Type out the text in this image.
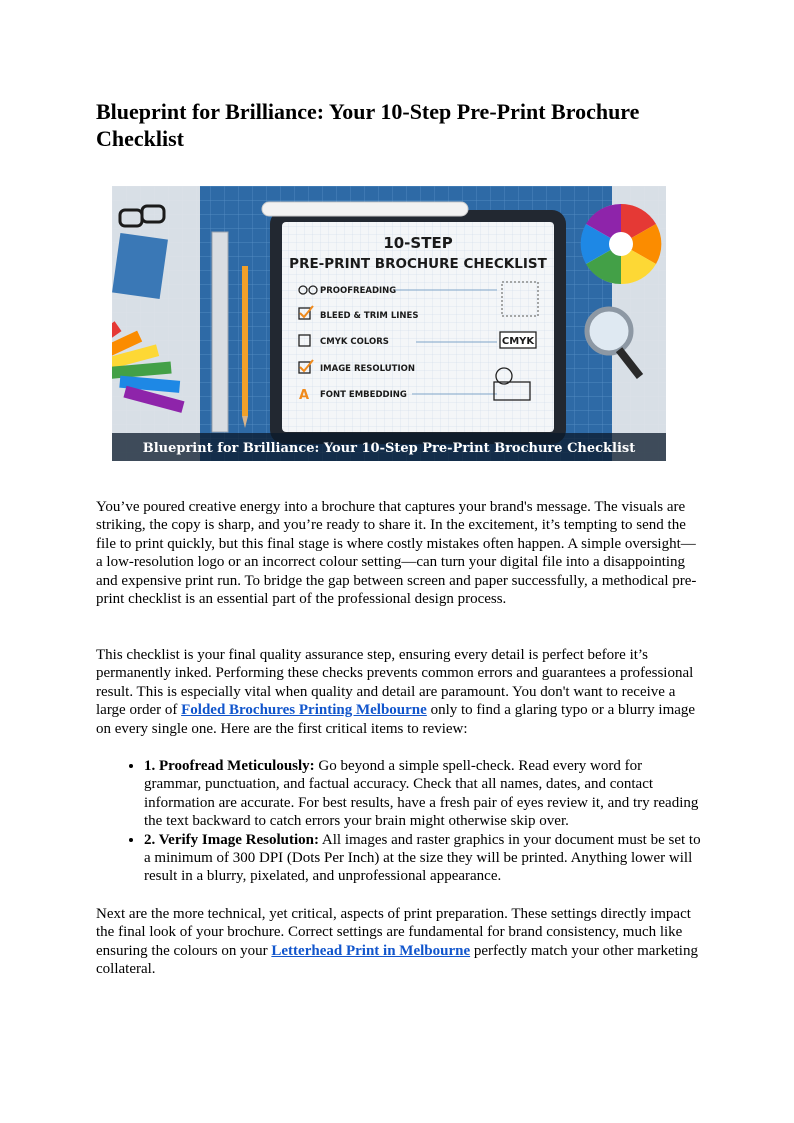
Blueprint for Brilliance: Your 10-Step Pre-Print Brochure Checklist
10-STEP
PRE-PRINT BROCHURE CHECKLIST
PROOFREADING
BLEED & TRIM LINES
CMYK COLORS
IMAGE RESOLUTION
A FONT EMBEDDING
CMYK
Blueprint for Brilliance: Your 10-Step Pre-Print Brochure Checklist

You’ve poured creative energy into a brochure that captures your brand's message. The visuals are striking, the copy is sharp, and you’re ready to share it. In the excitement, it’s tempting to send the file to print quickly, but this final stage is where costly mistakes often happen. A simple oversight—a low-resolution logo or an incorrect colour setting—can turn your digital file into a disappointing and expensive print run. To bridge the gap between screen and paper successfully, a methodical pre-print checklist is an essential part of the professional design process.

This checklist is your final quality assurance step, ensuring every detail is perfect before it’s permanently inked. Performing these checks prevents common errors and guarantees a professional result. This is especially vital when quality and detail are paramount. You don't want to receive a large order of Folded Brochures Printing Melbourne only to find a glaring typo or a blurry image on every single one. Here are the first critical items to review:

• 1. Proofread Meticulously: Go beyond a simple spell-check. Read every word for grammar, punctuation, and factual accuracy. Check that all names, dates, and contact information are accurate. For best results, have a fresh pair of eyes review it, and try reading the text backward to catch errors your brain might otherwise skip over.
• 2. Verify Image Resolution: All images and raster graphics in your document must be set to a minimum of 300 DPI (Dots Per Inch) at the size they will be printed. Anything lower will result in a blurry, pixelated, and unprofessional appearance.

Next are the more technical, yet critical, aspects of print preparation. These settings directly impact the final look of your brochure. Correct settings are fundamental for brand consistency, much like ensuring the colours on your Letterhead Print in Melbourne perfectly match your other marketing collateral.
